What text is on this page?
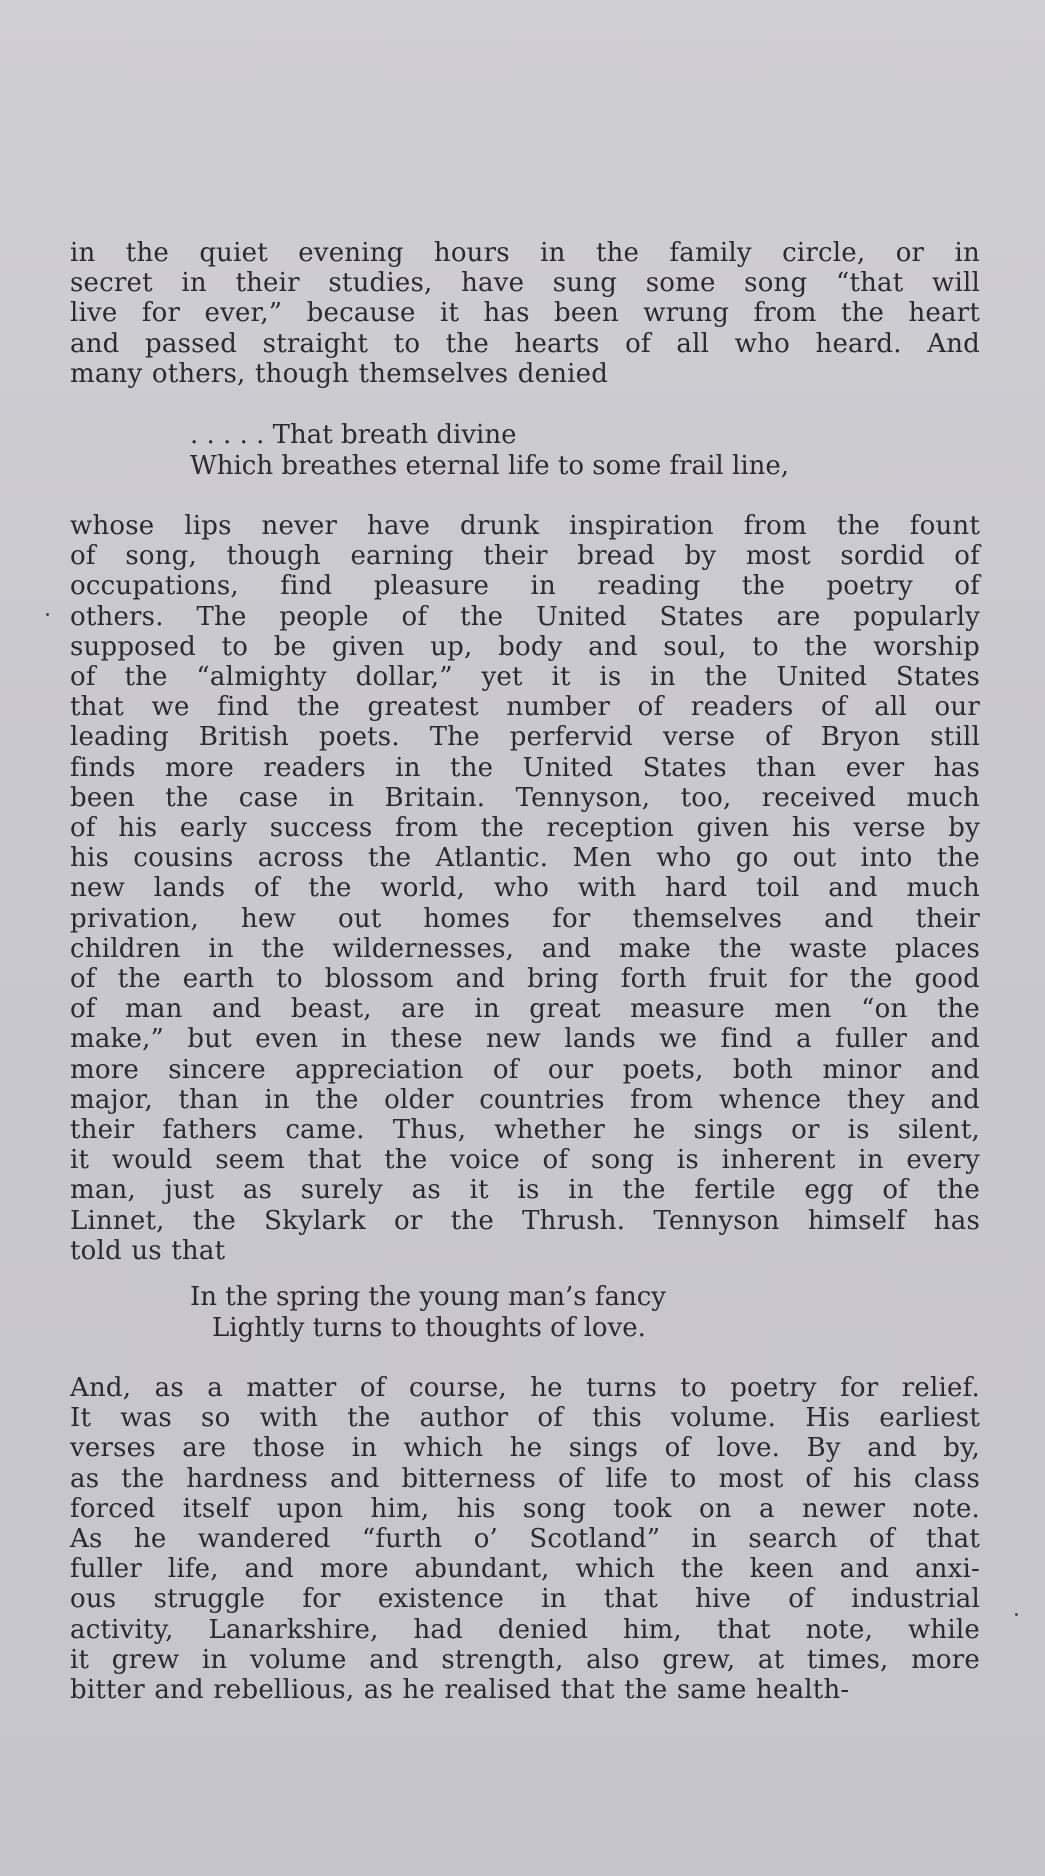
in the quiet evening hours in the family circle, or in
secret in their studies, have sung some song “that will
live for ever,” because it has been wrung from the heart
and passed straight to the hearts of all who heard. And
many others, though themselves denied
. . . . . That breath divine
Which breathes eternal life to some frail line,
whose lips never have drunk inspiration from the fount
of song, though earning their bread by most sordid of
occupations, find pleasure in reading the poetry of
others. The people of the United States are popularly
supposed to be given up, body and soul, to the worship
of the “almighty dollar,” yet it is in the United States
that we find the greatest number of readers of all our
leading British poets. The perfervid verse of Bryon still
finds more readers in the United States than ever has
been the case in Britain. Tennyson, too, received much
of his early success from the reception given his verse by
his cousins across the Atlantic. Men who go out into the
new lands of the world, who with hard toil and much
privation, hew out homes for themselves and their
children in the wildernesses, and make the waste places
of the earth to blossom and bring forth fruit for the good
of man and beast, are in great measure men “on the
make,” but even in these new lands we find a fuller and
more sincere appreciation of our poets, both minor and
major, than in the older countries from whence they and
their fathers came. Thus, whether he sings or is silent,
it would seem that the voice of song is inherent in every
man, just as surely as it is in the fertile egg of the
Linnet, the Skylark or the Thrush. Tennyson himself has
told us that
In the spring the young man’s fancy
Lightly turns to thoughts of love.
And, as a matter of course, he turns to poetry for relief.
It was so with the author of this volume. His earliest
verses are those in which he sings of love. By and by,
as the hardness and bitterness of life to most of his class
forced itself upon him, his song took on a newer note.
As he wandered “furth o’ Scotland” in search of that
fuller life, and more abundant, which the keen and anxi-
ous struggle for existence in that hive of industrial
activity, Lanarkshire, had denied him, that note, while
it grew in volume and strength, also grew, at times, more
bitter and rebellious, as he realised that the same health-
